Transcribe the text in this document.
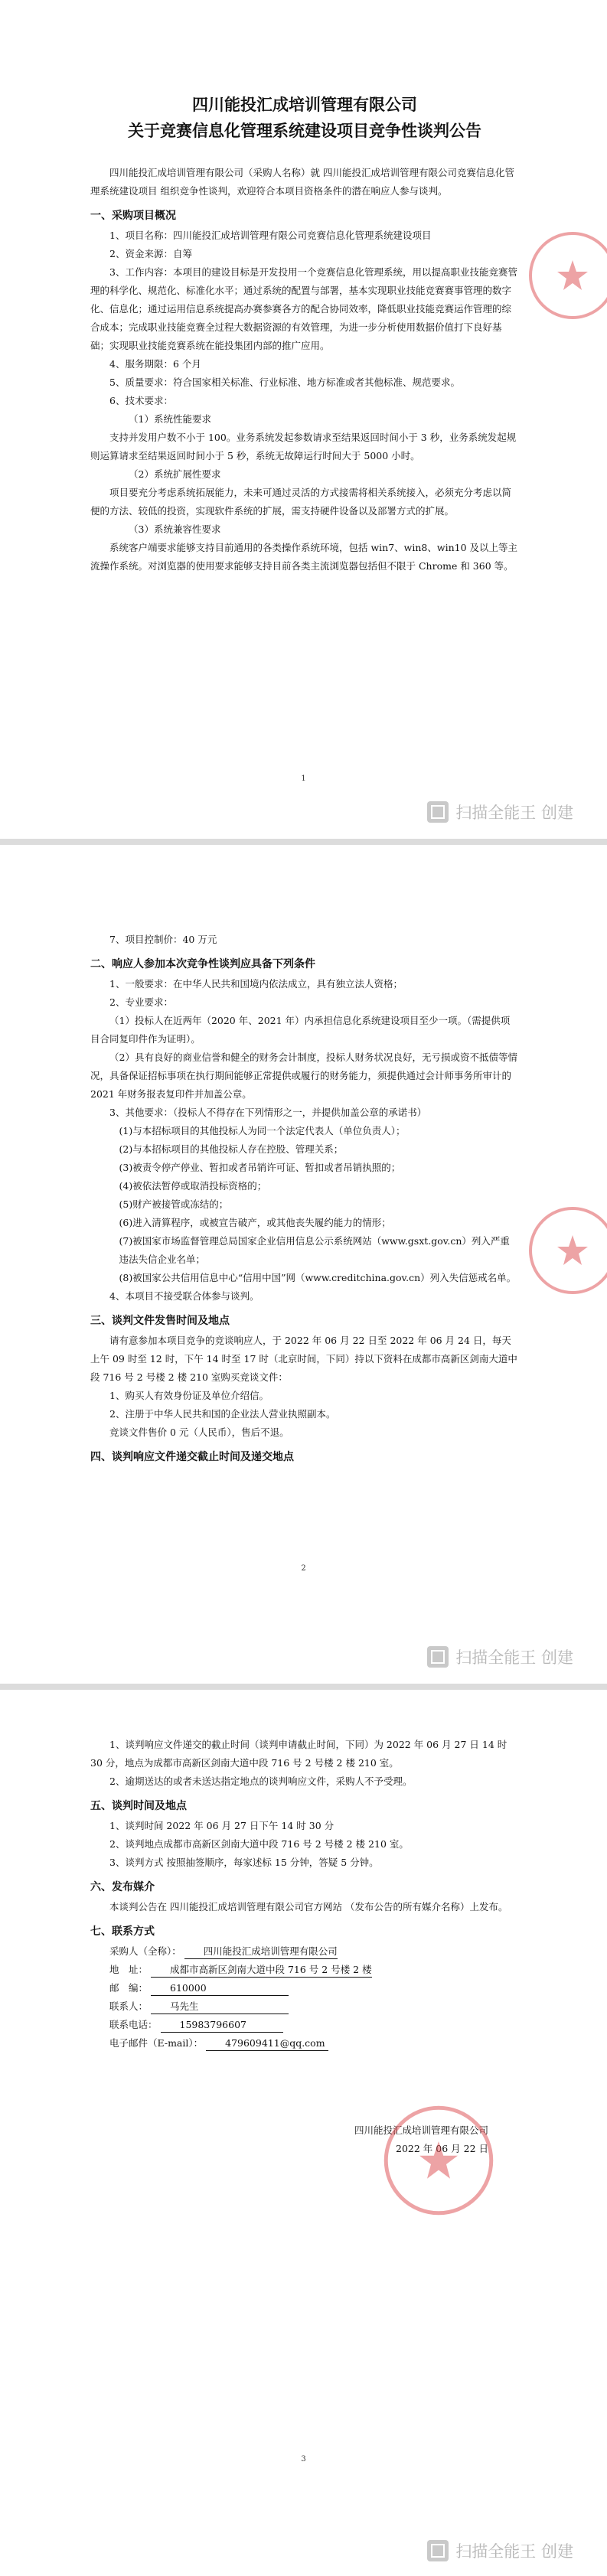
四川能投汇成培训管理有限公司

关于竞赛信息化管理系统建设项目竞争性谈判公告

四川能投汇成培训管理有限公司（采购人名称）就 四川能投汇成培训管理有限公司竞赛信息化管理系统建设项目 组织竞争性谈判，欢迎符合本项目资格条件的潜在响应人参与谈判。

一、采购项目概况

1、项目名称：四川能投汇成培训管理有限公司竞赛信息化管理系统建设项目

2、资金来源：自筹

3、工作内容：本项目的建设目标是开发投用一个竞赛信息化管理系统，用以提高职业技能竞赛管理的科学化、规范化、标准化水平；通过系统的配置与部署，基本实现职业技能竞赛赛事管理的数字化、信息化；通过运用信息系统提高办赛参赛各方的配合协同效率，降低职业技能竞赛运作管理的综合成本；完成职业技能竞赛全过程大数据资源的有效管理，为进一步分析使用数据价值打下良好基础；实现职业技能竞赛系统在能投集团内部的推广应用。

4、服务期限：6 个月

5、质量要求：符合国家相关标准、行业标准、地方标准或者其他标准、规范要求。

6、技术要求：

（1）系统性能要求

支持并发用户数不小于 100。业务系统发起参数请求至结果返回时间小于 3 秒，业务系统发起规则运算请求至结果返回时间小于 5 秒，系统无故障运行时间大于 5000 小时。

（2）系统扩展性要求

项目要充分考虑系统拓展能力，未来可通过灵活的方式接需将相关系统接入，必须充分考虑以简便的方法、较低的投资，实现软件系统的扩展，需支持硬件设备以及部署方式的扩展。

（3）系统兼容性要求

系统客户端要求能够支持目前通用的各类操作系统环境，包括 win7、win8、win10 及以上等主流操作系统。对浏览器的使用要求能够支持目前各类主流浏览器包括但不限于 Chrome 和 360 等。

1
扫描全能王 创建

7、项目控制价：40 万元

二、响应人参加本次竞争性谈判应具备下列条件

1、一般要求：在中华人民共和国境内依法成立，具有独立法人资格；

2、专业要求：

（1）投标人在近两年（2020 年、2021 年）内承担信息化系统建设项目至少一项。（需提供项目合同复印件作为证明）。

（2）具有良好的商业信誉和健全的财务会计制度，投标人财务状况良好，无亏损或资不抵债等情况，具备保证招标事项在执行期间能够正常提供或履行的财务能力，须提供通过会计师事务所审计的 2021 年财务报表复印件并加盖公章。

3、其他要求：（投标人不得存在下列情形之一，并提供加盖公章的承诺书）

(1)与本招标项目的其他投标人为同一个法定代表人（单位负责人）；

(2)与本招标项目的其他投标人存在控股、管理关系；

(3)被责令停产停业、暂扣或者吊销许可证、暂扣或者吊销执照的；

(4)被依法暂停或取消投标资格的；

(5)财产被接管或冻结的；

(6)进入清算程序，或被宣告破产，或其他丧失履约能力的情形；

(7)被国家市场监督管理总局国家企业信用信息公示系统网站（www.gsxt.gov.cn）列入严重违法失信企业名单；

(8)被国家公共信用信息中心“信用中国”网（www.creditchina.gov.cn）列入失信惩戒名单。

4、本项目不接受联合体参与谈判。

三、谈判文件发售时间及地点

请有意参加本项目竞争的竞谈响应人，于 2022 年 06 月 22 日至 2022 年 06 月 24 日，每天上午 09 时至 12 时，下午 14 时至 17 时（北京时间，下同）持以下资料在成都市高新区剑南大道中段 716 号 2 号楼 2 楼 210 室购买竞谈文件：

1、购买人有效身份证及单位介绍信。

2、注册于中华人民共和国的企业法人营业执照副本。

竞谈文件售价 0 元（人民币），售后不退。

四、谈判响应文件递交截止时间及递交地点

2
扫描全能王 创建

1、谈判响应文件递交的截止时间（谈判申请截止时间，下同）为 2022 年 06 月 27 日 14 时 30 分，地点为成都市高新区剑南大道中段 716 号 2 号楼 2 楼 210 室。

2、逾期送达的或者未送达指定地点的谈判响应文件，采购人不予受理。

五、谈判时间及地点

1、谈判时间 2022 年 06 月 27 日下午 14 时 30 分

2、谈判地点成都市高新区剑南大道中段 716 号 2 号楼 2 楼 210 室。

3、谈判方式 按照抽签顺序，每家述标 15 分钟，答疑 5 分钟。

六、发布媒介

本谈判公告在 四川能投汇成培训管理有限公司官方网站 （发布公告的所有媒介名称）上发布。

七、联系方式

采购人（全称）： 四川能投汇成培训管理有限公司
地　址： 成都市高新区剑南大道中段 716 号 2 号楼 2 楼
邮　编： 610000
联系人： 马先生
联系电话： 15983796607
电子邮件（E-mail）： 479609411@qq.com

四川能投汇成培训管理有限公司

2022 年 06 月 22 日

3
扫描全能王 创建
